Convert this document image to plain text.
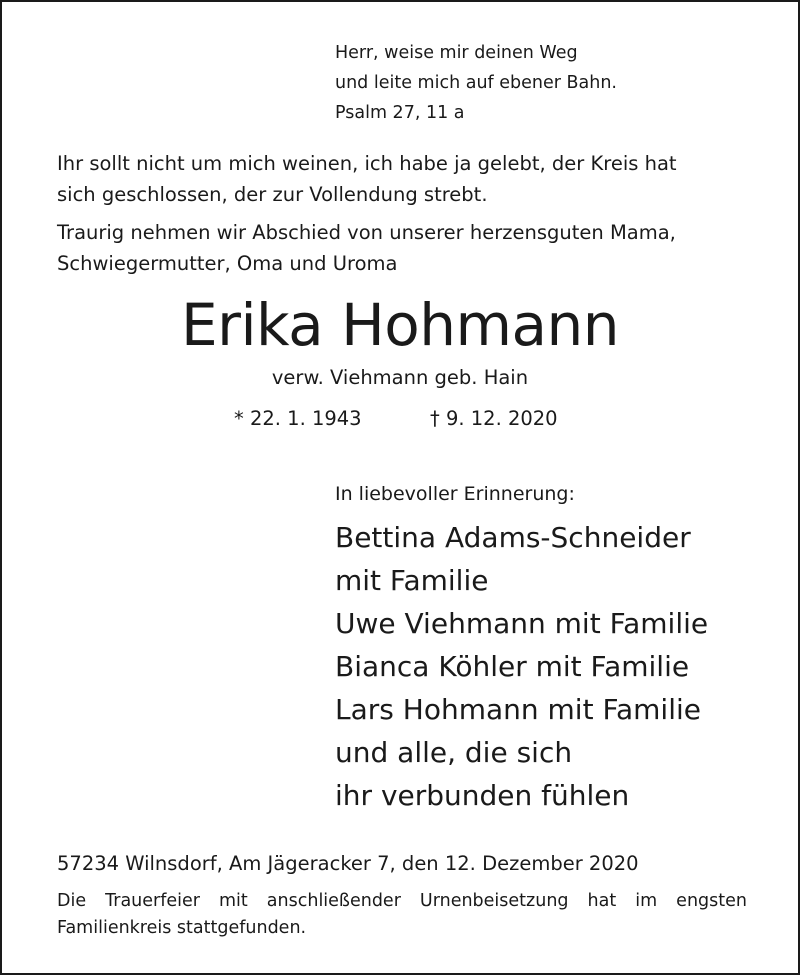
Herr, weise mir deinen Weg
und leite mich auf ebener Bahn.
Psalm 27, 11 a
Ihr sollt nicht um mich weinen, ich habe ja gelebt, der Kreis hat
sich geschlossen, der zur Vollendung strebt.
Traurig nehmen wir Abschied von unserer herzensguten Mama,
Schwiegermutter, Oma und Uroma
Erika Hohmann
verw. Viehmann geb. Hain
* 22. 1. 1943	† 9. 12. 2020
In liebevoller Erinnerung:
Bettina Adams-Schneider
mit Familie
Uwe Viehmann mit Familie
Bianca Köhler mit Familie
Lars Hohmann mit Familie
und alle, die sich
ihr verbunden fühlen
57234 Wilnsdorf, Am Jägeracker 7, den 12. Dezember 2020
Die Trauerfeier mit anschließender Urnenbeisetzung hat im engsten
Familienkreis stattgefunden.
